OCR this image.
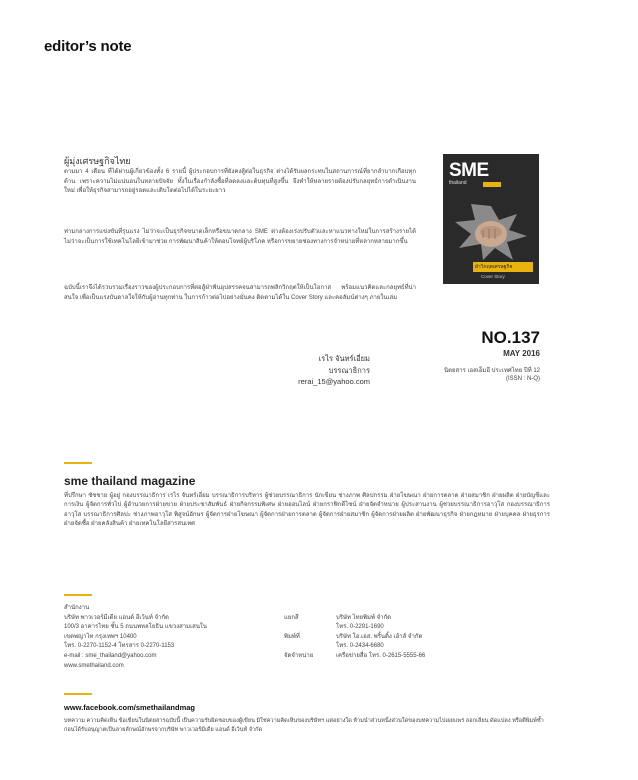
editor’s note
ผู้มุ่งเศรษฐกิจไทย
ตามมา 4 เดือน ที่ได้ผ่านผู้เกี่ยวข้องทั้ง 6 รายนี้ ผู้ประกอบการที่ยังคงสู้ต่อในธุรกิจ ต่างได้รับผลกระทบในสถานการณ์ที่ยากลำบากเกือบทุกด้าน เพราะความไม่แน่นอนในหลายปัจจัย ทั้งในเรื่องกำลังซื้อที่ลดลงและต้นทุนที่สูงขึ้น จึงทำให้หลายรายต้องปรับกลยุทธ์การดำเนินงานใหม่ เพื่อให้ธุรกิจสามารถอยู่รอดและเติบโตต่อไปได้ในระยะยาว
ท่ามกลางการแข่งขันที่รุนแรง ไม่ว่าจะเป็นธุรกิจขนาดเล็กหรือขนาดกลาง SME ต่างต้องเร่งปรับตัวและหาแนวทางใหม่ในการสร้างรายได้ ไม่ว่าจะเป็นการใช้เทคโนโลยีเข้ามาช่วย การพัฒนาสินค้าให้ตอบโจทย์ผู้บริโภค หรือการขยายช่องทางการจำหน่ายที่หลากหลายมากขึ้น
ฉบับนี้เราจึงได้รวบรวมเรื่องราวของผู้ประกอบการที่ต่อสู้ฝ่าฟันอุปสรรคจนสามารถพลิกวิกฤตให้เป็นโอกาส พร้อมแนวคิดและกลยุทธ์ที่น่าสนใจ เพื่อเป็นแรงบันดาลใจให้กับผู้อ่านทุกท่าน ในการก้าวต่อไปอย่างมั่นคง ติดตามได้ใน Cover Story และคอลัมน์ต่างๆ ภายในเล่ม
เรไร จันทร์เอี่ยม
บรรณาธิการ
rerai_15@yahoo.com
SME
thailand
ฝ่าวิกฤตเศรษฐกิจ
Cover Story
NO.137
MAY 2016
นิตยสาร เอสเอ็มอี ประเทศไทย ปีที่ 12 (ISSN : N-Q)
sme thailand magazine
ที่ปรึกษา ชัชชาย ผู้อยู่ กองบรรณาธิการ เรไร จันทร์เอี่ยม บรรณาธิการบริหาร ผู้ช่วยบรรณาธิการ นักเขียน ช่างภาพ ศิลปกรรม ฝ่ายโฆษณา ฝ่ายการตลาด ฝ่ายสมาชิก ฝ่ายผลิต ฝ่ายบัญชีและการเงิน ผู้จัดการทั่วไป ผู้อำนวยการฝ่ายขาย ฝ่ายประชาสัมพันธ์ ฝ่ายกิจกรรมพิเศษ ฝ่ายออนไลน์ ฝ่ายกราฟิกดีไซน์ ฝ่ายจัดจำหน่าย ผู้ประสานงาน ผู้ช่วยบรรณาธิการอาวุโส กองบรรณาธิการอาวุโส บรรณาธิการศิลปะ ช่างภาพอาวุโส พิสูจน์อักษร ผู้จัดการฝ่ายโฆษณา ผู้จัดการฝ่ายการตลาด ผู้จัดการฝ่ายสมาชิก ผู้จัดการฝ่ายผลิต ฝ่ายพัฒนาธุรกิจ ฝ่ายกฎหมาย ฝ่ายบุคคล ฝ่ายธุรการ ฝ่ายจัดซื้อ ฝ่ายคลังสินค้า ฝ่ายเทคโนโลยีสารสนเทศ
สำนักงาน
บริษัท พาวเวอร์มีเดีย แอนด์ อีเว้นท์ จำกัด
100/3 อาคารไทย ชั้น 5 ถนนพหลโยธิน แขวงสามเสนใน
เขตพญาไท กรุงเทพฯ 10400
โทร. 0-2270-1152-4 โทรสาร 0-2270-1153
e-mail : sme_thailand@yahoo.com
www.smethailand.com
แยกสี

พิมพ์ที่

จัดจำหน่าย
บริษัท ไทยพิมพ์ จำกัด
โทร. 0-2291-1690
บริษัท โอ.เอส. พริ้นติ้ง เฮ้าส์ จำกัด
โทร. 0-2434-6680
เครือข่ายสื่อ โทร. 0-2615-5555-66
www.facebook.com/smethailandmag
บทความ ความคิดเห็น ข้อเขียนในนิตยสารฉบับนี้ เป็นความรับผิดชอบของผู้เขียน มิใช่ความคิดเห็นของบริษัทฯ แต่อย่างใด ห้ามนำส่วนหนึ่งส่วนใดของบทความไปเผยแพร่ ลอกเลียน ดัดแปลง หรือตีพิมพ์ซ้ำ ก่อนได้รับอนุญาตเป็นลายลักษณ์อักษรจากบริษัท พาวเวอร์มีเดีย แอนด์ อีเว้นท์ จำกัด
